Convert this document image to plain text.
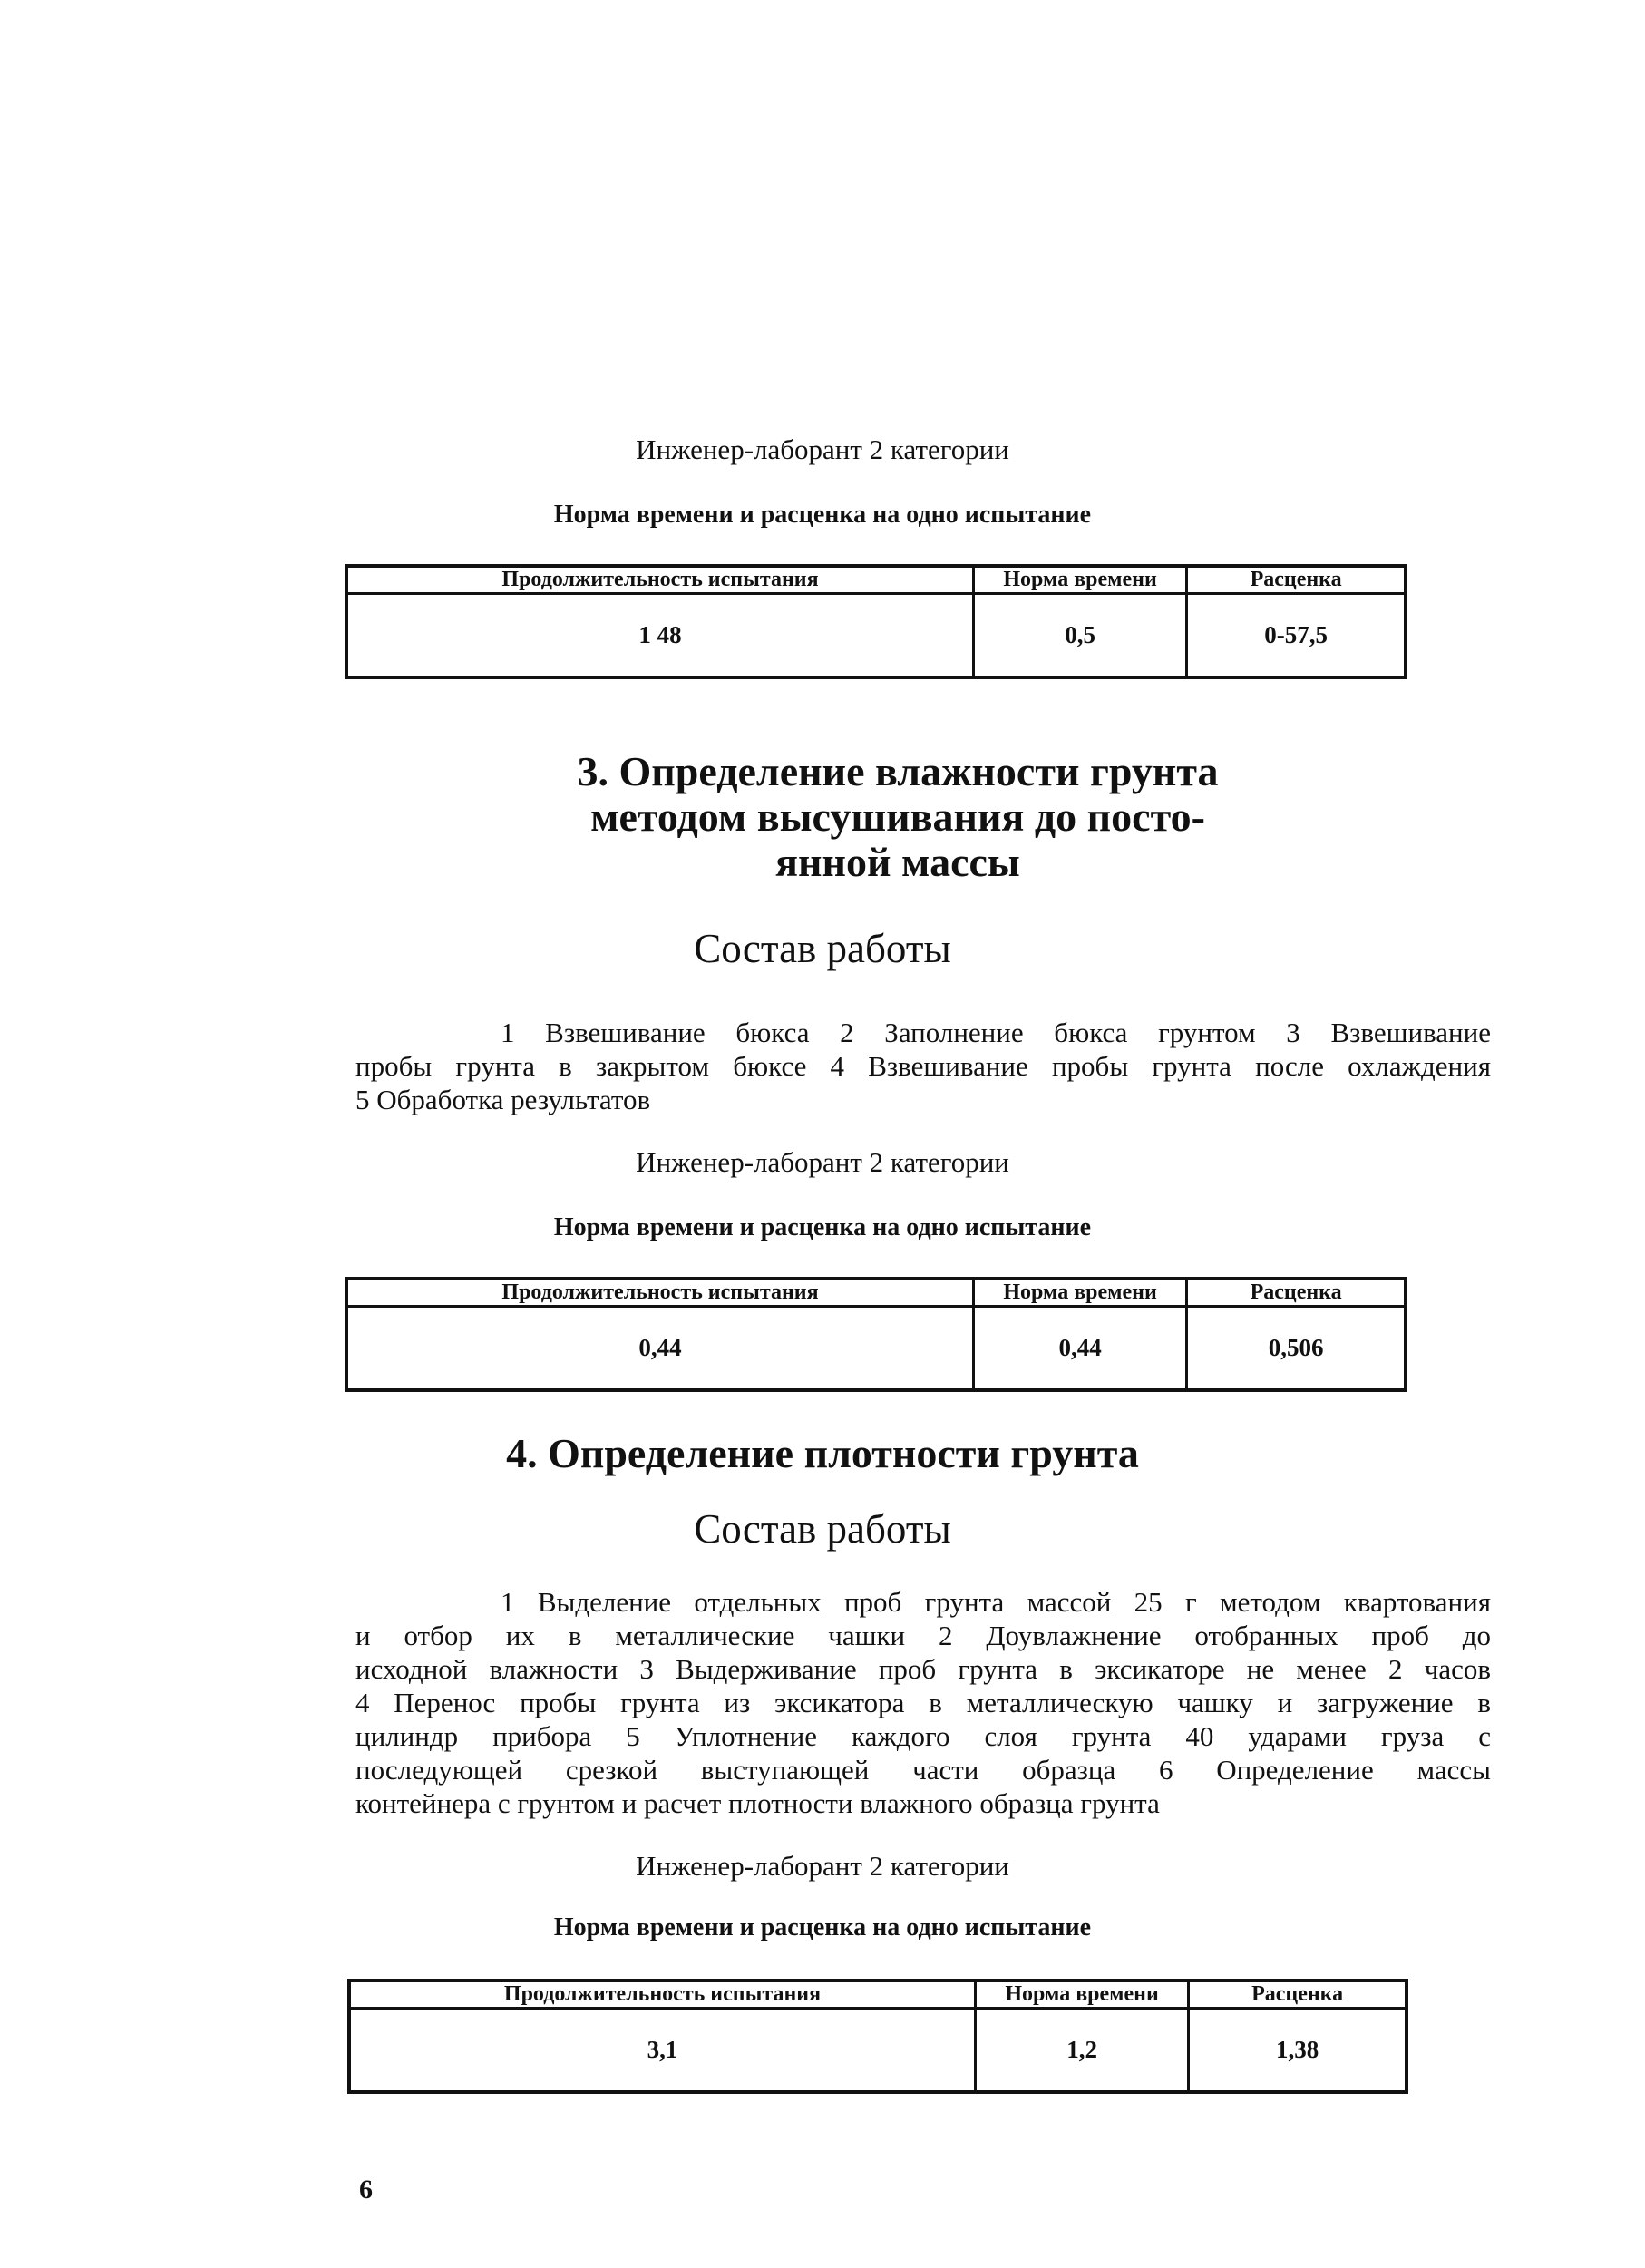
Инженер-лаборант 2 категории
Норма времени и расценка на одно испытание
Продолжительность испытания	Норма времени	Расценка
1 48	0,5	0-57,5
3. Определение влажности грунта
методом высушивания до посто-
янной массы
Состав работы
1 Взвешивание бюкса 2 Заполнение бюкса грунтом 3 Взвешивание
пробы грунта в закрытом бюксе 4 Взвешивание пробы грунта после охлаждения
5 Обработка результатов
Инженер-лаборант 2 категории
Норма времени и расценка на одно испытание
Продолжительность испытания	Норма времени	Расценка
0,44	0,44	0,506
4. Определение плотности грунта
Состав работы
1 Выделение отдельных проб грунта массой 25 г методом квартования
и отбор их в металлические чашки 2 Доувлажнение отобранных проб до
исходной влажности 3 Выдерживание проб грунта в эксикаторе не менее 2 часов
4 Перенос пробы грунта из эксикатора в металлическую чашку и загружение в
цилиндр прибора 5 Уплотнение каждого слоя грунта 40 ударами груза с
последующей срезкой выступающей части образца 6 Определение массы
контейнера с грунтом и расчет плотности влажного образца грунта
Инженер-лаборант 2 категории
Норма времени и расценка на одно испытание
Продолжительность испытания	Норма времени	Расценка
3,1	1,2	1,38
6
